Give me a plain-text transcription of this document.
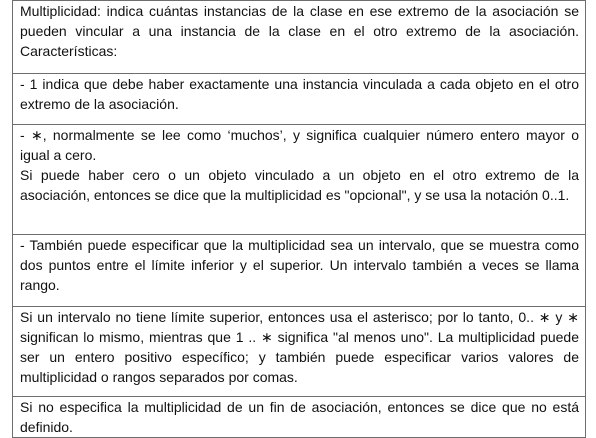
Multiplicidad: indica cuántas instancias de la clase en ese extremo de la asociación se pueden vincular a una instancia de la clase en el otro extremo de la asociación. Características:

- 1 indica que debe haber exactamente una instancia vinculada a cada objeto en el otro extremo de la asociación.

- ∗, normalmente se lee como ‘muchos’, y significa cualquier número entero mayor o igual a cero.

Si puede haber cero o un objeto vinculado a un objeto en el otro extremo de la asociación, entonces se dice que la multiplicidad es "opcional", y se usa la notación 0..1.

- También puede especificar que la multiplicidad sea un intervalo, que se muestra como dos puntos entre el límite inferior y el superior. Un intervalo también a veces se llama rango.

Si un intervalo no tiene límite superior, entonces usa el asterisco; por lo tanto, 0.. ∗ y ∗ significan lo mismo, mientras que 1 .. ∗ significa "al menos uno". La multiplicidad puede ser un entero positivo específico; y también puede especificar varios valores de multiplicidad o rangos separados por comas.

Si no especifica la multiplicidad de un fin de asociación, entonces se dice que no está definido.
